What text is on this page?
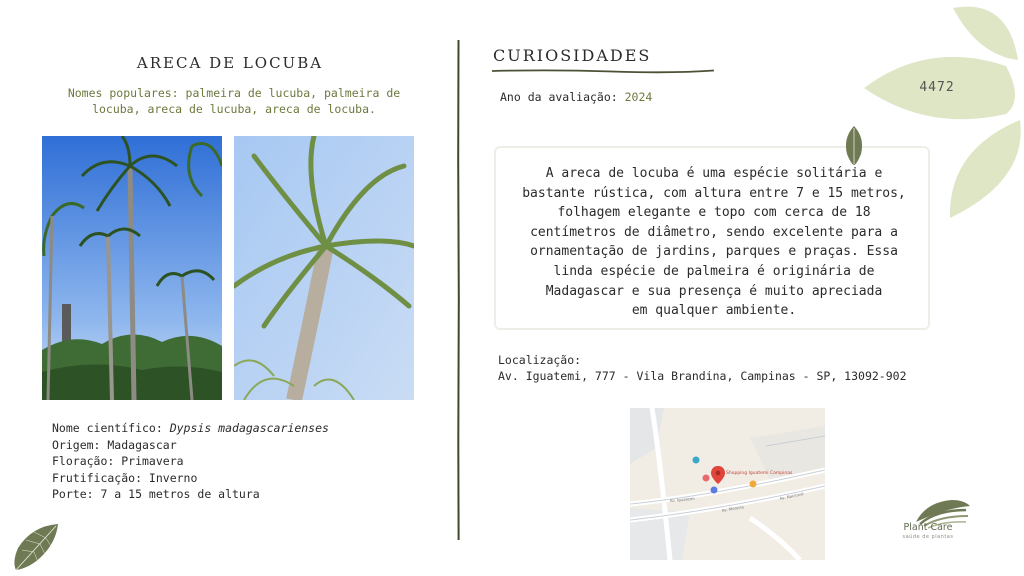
ARECA DE LOCUBA
Nomes populares: palmeira de lucuba, palmeira de
locuba, areca de lucuba, areca de locuba.
Nome científico: Dypsis madagascarienses
Origem: Madagascar
Floração: Primavera
Frutificação: Inverno
Porte: 7 a 15 metros de altura
CURIOSIDADES
Ano da avaliação: 2024
A areca de locuba é uma espécie solitária e
bastante rústica, com altura entre 7 e 15 metros,
folhagem elegante e topo com cerca de 18
centímetros de diâmetro, sendo excelente para a
ornamentação de jardins, parques e praças. Essa
linda espécie de palmeira é originária de
Madagascar e sua presença é muito apreciada
em qualquer ambiente.
Localização:
Av. Iguatemi, 777 - Vila Brandina, Campinas - SP, 13092-902
Shopping Iguatemi Campinas
Av. Iguatemi
Av. Moreira
Av. Nacional
4472
Plant Care
saúde de plantas
